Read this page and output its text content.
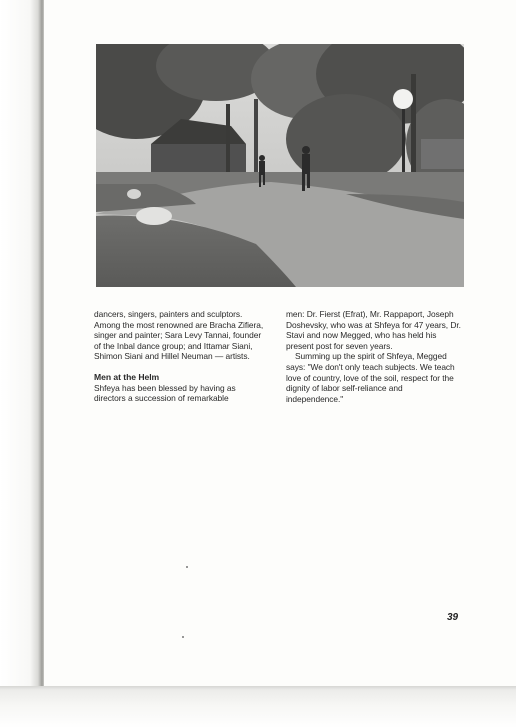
dancers, singers, painters and sculptors. Among the most renowned are Bracha Zifiera, singer and painter; Sara Levy Tannai, founder of the Inbal dance group; and Ittamar Siani, Shimon Siani and Hillel Neuman — artists.

Men at the Helm

Shfeya has been blessed by having as directors a succession of remarkable

men: Dr. Fierst (Efrat), Mr. Rappaport, Joseph Doshevsky, who was at Shfeya for 47 years, Dr. Stavi and now Megged, who has held his present post for seven years.

Summing up the spirit of Shfeya, Megged says: "We don't only teach subjects. We teach love of country, love of the soil, respect for the dignity of labor self-reliance and independence."

39
